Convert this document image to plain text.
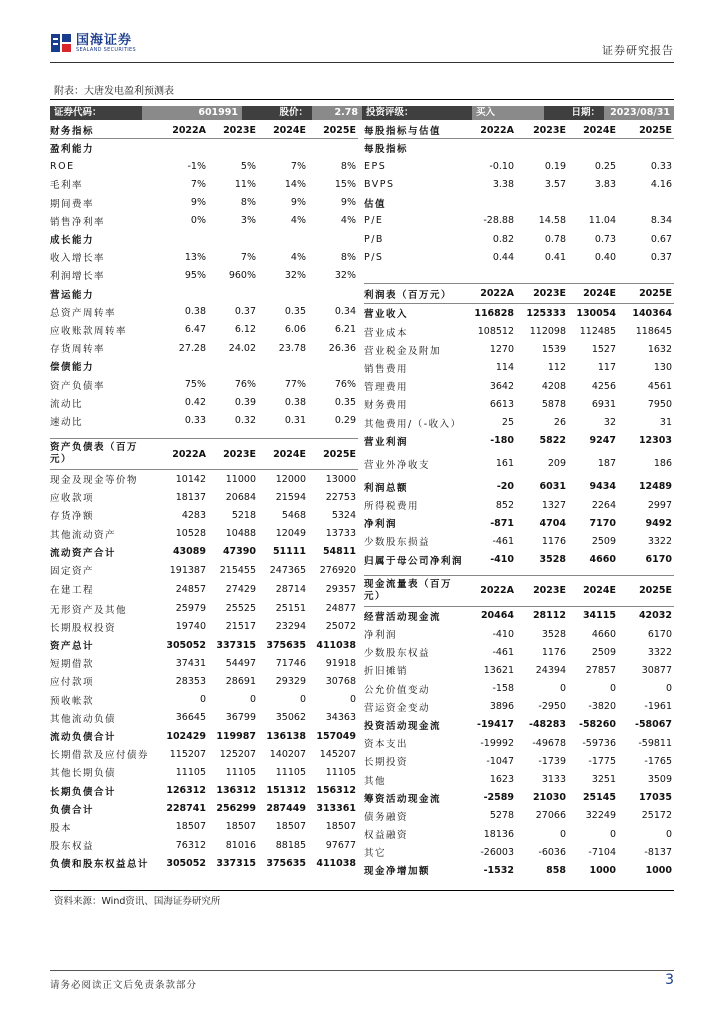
国海证券
SEALAND SECURITIES	证券研究报告
附表：大唐发电盈利预测表
证券代码：	601991	股价：	2.78 投资评级：	买入	日期：	2023/08/31
财务指标	2022A	2023E	2024E	2025E
盈利能力
ROE	-1%	5%	7%	8%
毛利率	7%	11%	14%	15%
期间费率	9%	8%	9%	9%
销售净利率	0%	3%	4%	4%
成长能力
收入增长率	13%	7%	4%	8%
利润增长率	95%	960%	32%	32%
营运能力
总资产周转率	0.38	0.37	0.35	0.34
应收账款周转率	6.47	6.12	6.06	6.21
存货周转率	27.28	24.02	23.78	26.36
偿债能力
资产负债率	75%	76%	77%	76%
流动比	0.42	0.39	0.38	0.35
速动比	0.33	0.32	0.31	0.29
资产负债表（百万
元）	2022A	2023E	2024E	2025E
现金及现金等价物	10142	11000	12000	13000
应收款项	18137	20684	21594	22753
存货净额	4283	5218	5468	5324
其他流动资产	10528	10488	12049	13733
流动资产合计	43089	47390	51111	54811
固定资产	191387	215455	247365	276920
在建工程	24857	27429	28714	29357
无形资产及其他	25979	25525	25151	24877
长期股权投资	19740	21517	23294	25072
资产总计	305052	337315	375635	411038
短期借款	37431	54497	71746	91918
应付款项	28353	28691	29329	30768
预收帐款	0	0	0	0
其他流动负债	36645	36799	35062	34363
流动负债合计	102429	119987	136138	157049
长期借款及应付债券	115207	125207	140207	145207
其他长期负债	11105	11105	11105	11105
长期负债合计	126312	136312	151312	156312
负债合计	228741	256299	287449	313361
股本	18507	18507	18507	18507
股东权益	76312	81016	88185	97677
负债和股东权益总计	305052	337315	375635	411038
每股指标与估值	2022A	2023E	2024E	2025E
每股指标
EPS	-0.10	0.19	0.25	0.33
BVPS	3.38	3.57	3.83	4.16
估值
P/E	-28.88	14.58	11.04	8.34
P/B	0.82	0.78	0.73	0.67
P/S	0.44	0.41	0.40	0.37
利润表（百万元）	2022A	2023E	2024E	2025E
营业收入	116828	125333	130054	140364
营业成本	108512	112098	112485	118645
营业税金及附加	1270	1539	1527	1632
销售费用	114	112	117	130
管理费用	3642	4208	4256	4561
财务费用	6613	5878	6931	7950
其他费用/（-收入）	25	26	32	31
营业利润	-180	5822	9247	12303
营业外净收支	161	209	187	186
利润总额	-20	6031	9434	12489
所得税费用	852	1327	2264	2997
净利润	-871	4704	7170	9492
少数股东损益	-461	1176	2509	3322
归属于母公司净利润	-410	3528	4660	6170
现金流量表（百万
元）	2022A	2023E	2024E	2025E
经营活动现金流	20464	28112	34115	42032
净利润	-410	3528	4660	6170
少数股东权益	-461	1176	2509	3322
折旧摊销	13621	24394	27857	30877
公允价值变动	-158	0	0	0
营运资金变动	3896	-2950	-3820	-1961
投资活动现金流	-19417	-48283	-58260	-58067
资本支出	-19992	-49678	-59736	-59811
长期投资	-1047	-1739	-1775	-1765
其他	1623	3133	3251	3509
筹资活动现金流	-2589	21030	25145	17035
债务融资	5278	27066	32249	25172
权益融资	18136	0	0	0
其它	-26003	-6036	-7104	-8137
现金净增加额	-1532	858	1000	1000
资料来源：Wind资讯、国海证券研究所
请务必阅读正文后免责条款部分	3
